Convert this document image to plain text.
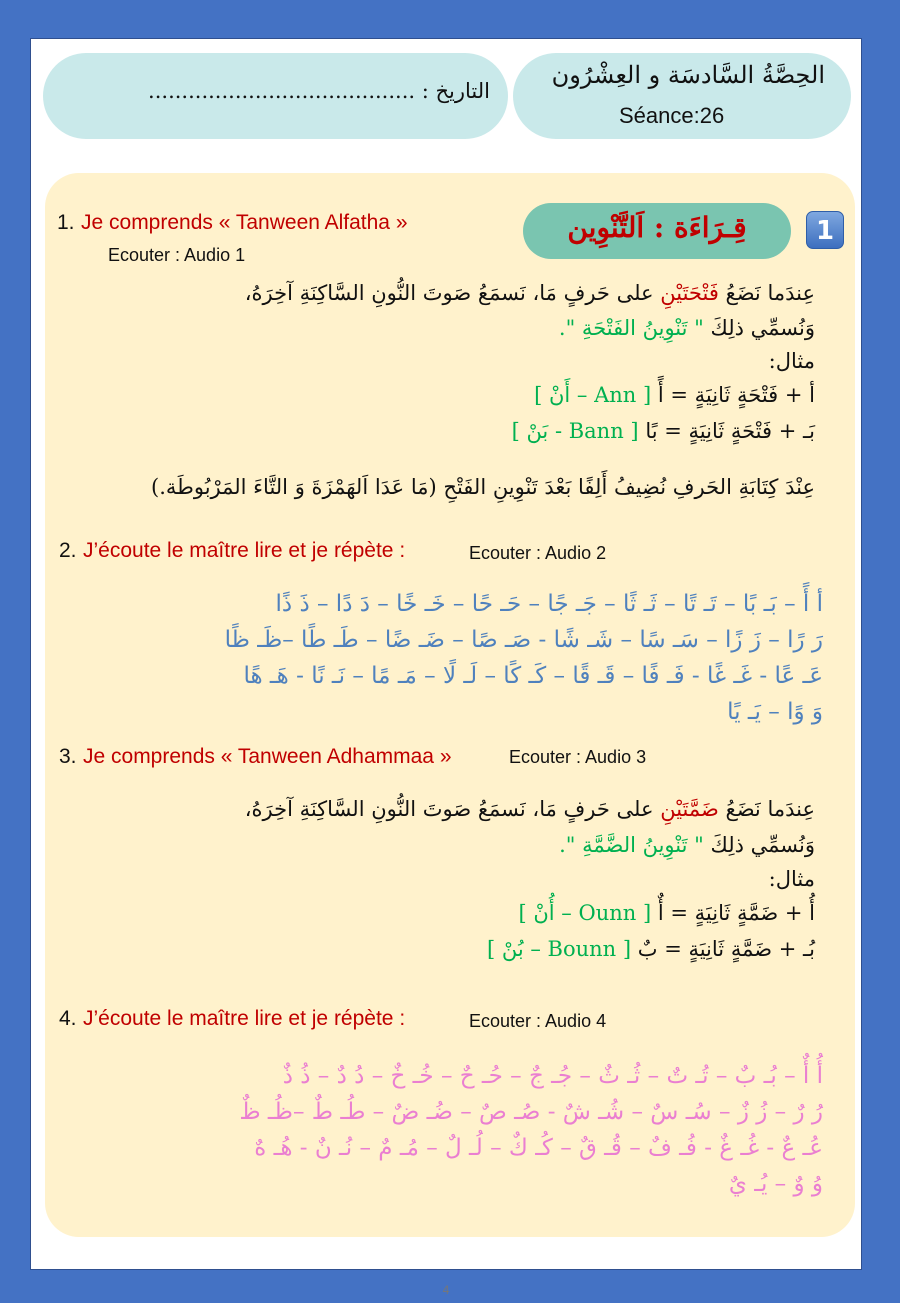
التاريخ : ........................................
الحِصَّةُ السَّادسَة و العِشْرُون
Séance:26
1
قِـرَاءَة : اَلتَّنْوِين
1. Je comprends « Tanween Alfatha »
Ecouter : Audio 1
عِندَما نَضَعُ فَتْحَتَيْنِ على حَرفٍ مَا، نَسمَعُ صَوتَ النُّونِ السَّاكِنَةِ آخِرَهُ،
وَنُسمِّي ذلِكَ " تَنْوِينُ الفَتْحَةِ ".
مثال:
أ + فَتْحَةٍ ثَانِيَةٍ = أً [ Ann – أَنْ ]
بَـ + فَتْحَةٍ ثَانِيَةٍ = بًا [ Bann - بَنْ ]
عِنْدَ كِتَابَةِ الحَرفِ نُضِيفُ أَلِفًا بَعْدَ تَنْوِينِ الفَتْحِ (مَا عَدَا اَلهَمْزَةَ وَ التَّاءَ المَرْبُوطَة.)
2. J’écoute le maître lire et je répète :	Ecouter : Audio 2
أ أً – بَـ بًا – تَـ تًا – ثَـ ثًا – جَـ جًا – حَـ حًا – خَـ خًا – دَ دًا – ذَ ذًا
رَ رًا – زَ زًا – سَـ سًا – شَـ شًا - صَـ صًا – ضَـ ضًا – طَـ طًا –ظَـ ظًا
عَـ عًا - غَـ غًا - فَـ فًا – قَـ قًا – كَـ كًا – لَـ لًا – مَـ مًا – نَـ نًا - هَـ هًا
وَ وًا – يَـ يًا
3. Je comprends « Tanween Adhammaa »	Ecouter : Audio 3
عِندَما نَضَعُ ضَمَّتَيْنِ على حَرفٍ مَا، نَسمَعُ صَوتَ النُّونِ السَّاكِنَةِ آخِرَهُ،
وَنُسمِّي ذلِكَ " تَنْوِينُ الضَّمَّةِ ".
مثال:
أُ + ضَمَّةٍ ثَانِيَةٍ = أٌ [ Ounn – أُنْ ]
بُـ + ضَمَّةٍ ثَانِيَةٍ = بٌ [ Bounn – بُنْ ]
4. J’écoute le maître lire et je répète :	Ecouter : Audio 4
أُ أٌ – بُـ بٌ – تُـ تٌ – ثُـ ثٌ – جُـ جٌ – حُـ حٌ – خُـ خٌ – دُ دٌ – ذُ ذٌ
رُ رٌ – زُ زٌ – سُـ سٌ – شُـ شٌ - صُـ صٌ – ضُـ ضٌ – طُـ طٌ –ظُـ ظٌ
عُـ عٌ - غُـ غٌ - فُـ فٌ – قُـ قٌ – كُـ كٌ – لُـ لٌ – مُـ مٌ – نُـ نٌ - هُـ هٌ
وُ وٌ – يُـ يٌ
4
